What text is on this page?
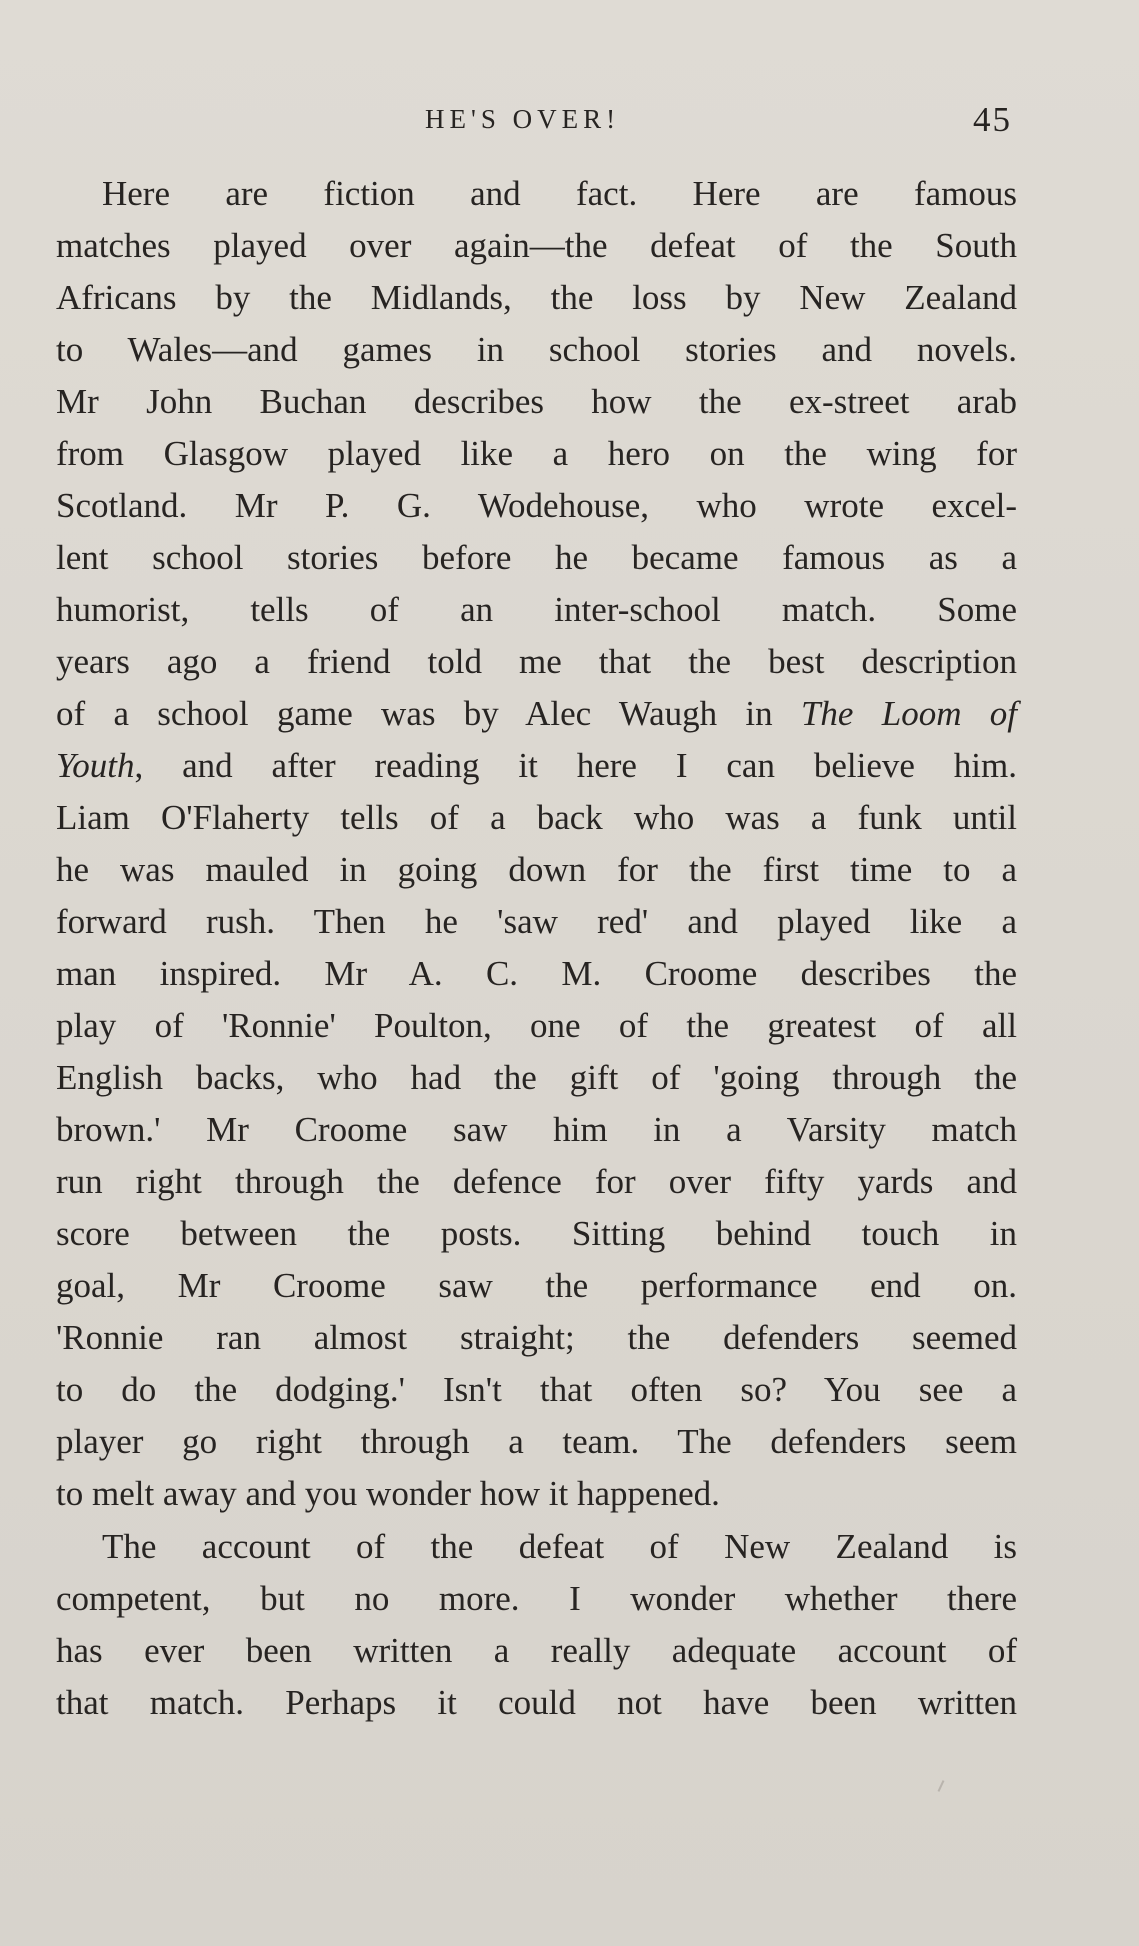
HE'S OVER!	45
Here are fiction and fact. Here are famous
matches played over again—the defeat of the South
Africans by the Midlands, the loss by New Zealand
to Wales—and games in school stories and novels.
Mr John Buchan describes how the ex-street arab
from Glasgow played like a hero on the wing for
Scotland. Mr P. G. Wodehouse, who wrote excel-
lent school stories before he became famous as a
humorist, tells of an inter-school match. Some
years ago a friend told me that the best description
of a school game was by Alec Waugh in The Loom of
Youth, and after reading it here I can believe him.
Liam O'Flaherty tells of a back who was a funk until
he was mauled in going down for the first time to a
forward rush. Then he 'saw red' and played like a
man inspired. Mr A. C. M. Croome describes the
play of 'Ronnie' Poulton, one of the greatest of all
English backs, who had the gift of 'going through the
brown.' Mr Croome saw him in a Varsity match
run right through the defence for over fifty yards and
score between the posts. Sitting behind touch in
goal, Mr Croome saw the performance end on.
'Ronnie ran almost straight; the defenders seemed
to do the dodging.' Isn't that often so? You see a
player go right through a team. The defenders seem
to melt away and you wonder how it happened.
The account of the defeat of New Zealand is
competent, but no more. I wonder whether there
has ever been written a really adequate account of
that match. Perhaps it could not have been written
